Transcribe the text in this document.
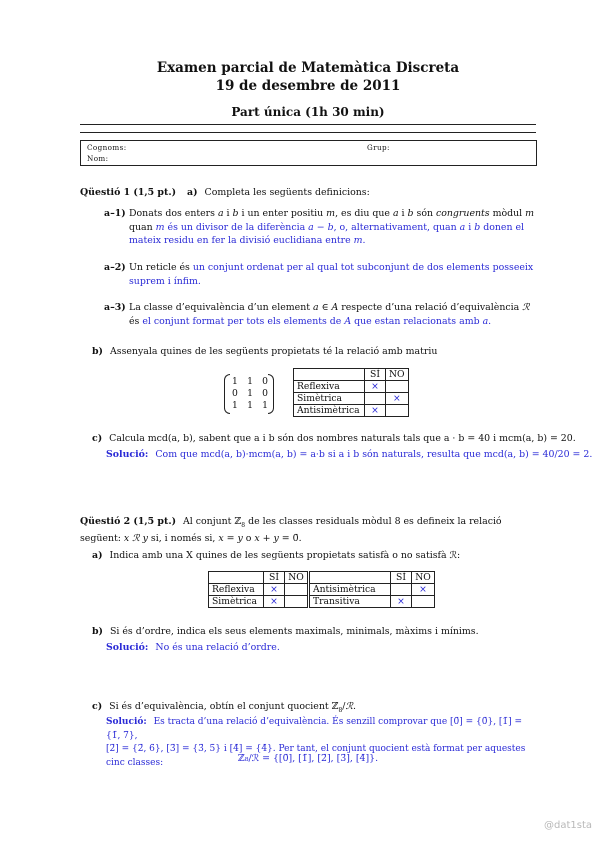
Examen parcial de Matemàtica Discreta
19 de desembre de 2011
Part única (1h 30 min)
Cognoms:	Grup:
Nom:
Qüestió 1 (1,5 pt.) a) Completa les següents definicions:
a–1) Donats dos enters a i b i un enter positiu m, es diu que a i b són congruents mòdul m quan m és un divisor de la diferència a − b, o, alternativament, quan a i b donen el mateix residu en fer la divisió euclidiana entre m.
a–2) Un reticle és un conjunt ordenat per al qual tot subconjunt de dos elements posseeix suprem i ínfim.
a–3) La classe d’equivalència d’un element a ∈ A respecte d’una relació d’equivalència ℛ és el conjunt format per tots els elements de A que estan relacionats amb a.
b) Assenyala quines de les següents propietats té la relació amb matriu
1 1 0
0 1 0
1 1 1
	SÍ	NO
Reflexiva	×	
Simètrica		×
Antisimètrica	×	
c) Calcula mcd(a, b), sabent que a i b són dos nombres naturals tals que a · b = 40 i mcm(a, b) = 20.
Solució: Com que mcd(a, b)·mcm(a, b) = a·b si a i b són naturals, resulta que mcd(a, b) = 40/20 = 2.
Qüestió 2 (1,5 pt.) Al conjunt ℤ$_8$ de les classes residuals mòdul 8 es defineix la relació següent: x ℛ y si, i només si, x = y o x + y = 0̄.
a) Indica amb una X quines de les següents propietats satisfà o no satisfà ℛ:
	SÍ	NO		SÍ	NO
Reflexiva	×		Antisimètrica		×
Simètrica	×		Transitiva	×	
b) Si és d’ordre, indica els seus elements maximals, minimals, màxims i mínims.
Solució: No és una relació d’ordre.
c) Si és d’equivalència, obtín el conjunt quocient ℤ$_8$/ℛ.
Solució: Es tracta d’una relació d’equivalència. És senzill comprovar que [0̄] = {0̄}, [1̄] = {1̄, 7̄},
[2̄] = {2̄, 6̄}, [3̄] = {3̄, 5̄} i [4̄] = {4̄}. Per tant, el conjunt quocient està format per aquestes cinc classes:	ℤ₈/ℛ = {[0̄], [1̄], [2̄], [3̄], [4̄]}.
@dat1sta
